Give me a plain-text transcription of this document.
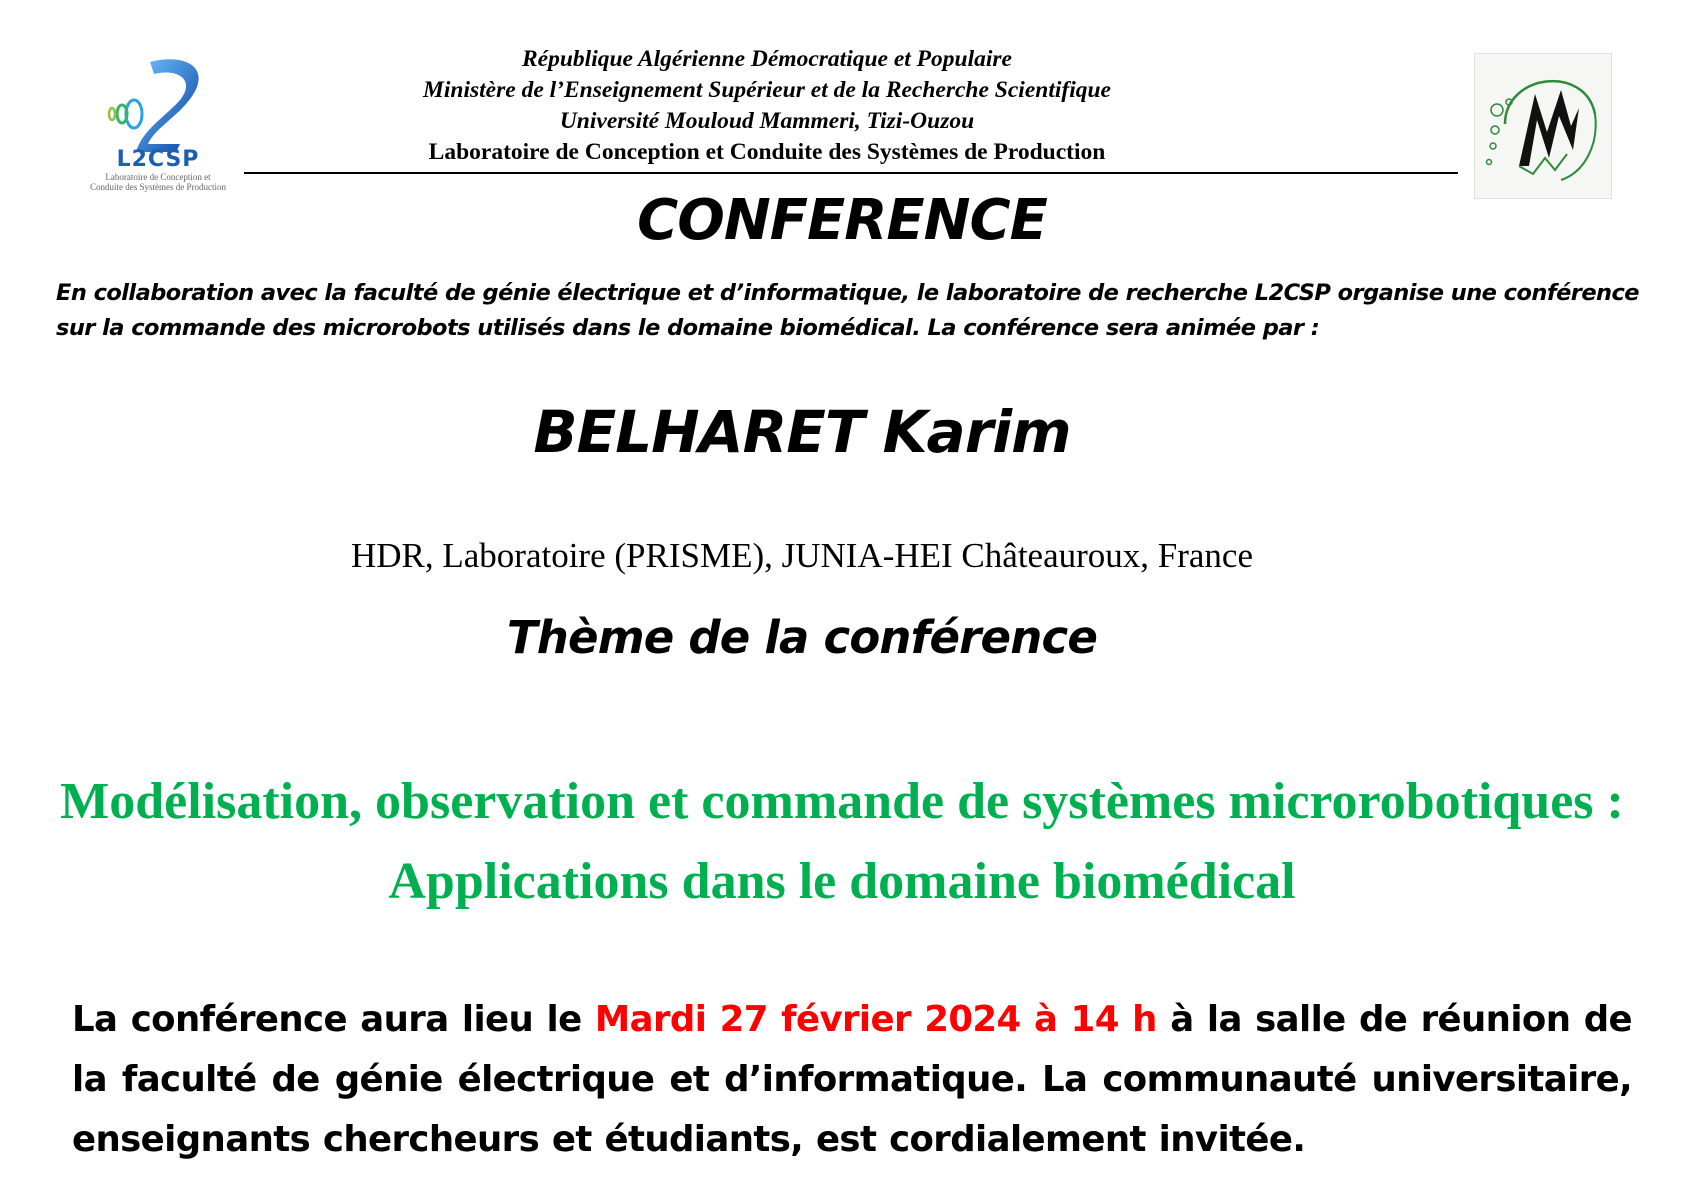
L2CSP
Laboratoire de Conception et Conduite des Systèmes de Production
République Algérienne Démocratique et Populaire
Ministère de l’Enseignement Supérieur et de la Recherche Scientifique
Université Mouloud Mammeri, Tizi-Ouzou
Laboratoire de Conception et Conduite des Systèmes de Production
CONFERENCE
En collaboration avec la faculté de génie électrique et d’informatique, le laboratoire de recherche L2CSP organise une conférence sur la commande des microrobots utilisés dans le domaine biomédical. La conférence sera animée par :
BELHARET Karim
HDR, Laboratoire (PRISME), JUNIA-HEI Châteauroux, France
Thème de la conférence
Modélisation, observation et commande de systèmes microrobotiques : Applications dans le domaine biomédical
La conférence aura lieu le Mardi 27 février 2024 à 14 h à la salle de réunion de la faculté de génie électrique et d’informatique. La communauté universitaire, enseignants chercheurs et étudiants, est cordialement invitée.
